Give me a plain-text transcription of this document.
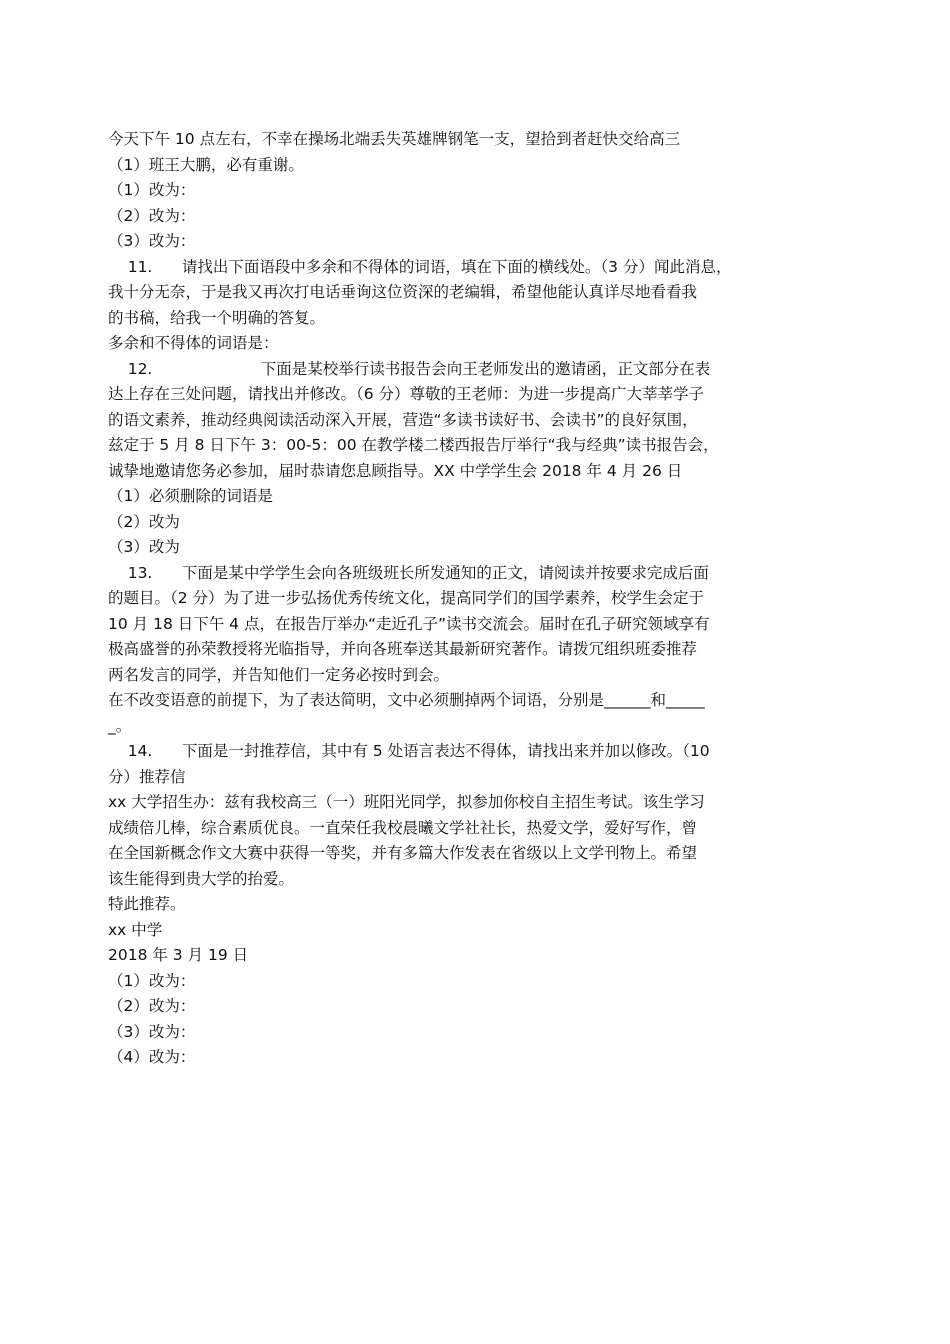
今天下午 10 点左右，不幸在操场北端丢失英雄牌钢笔一支，望拾到者赶快交给高三
（1）班王大鹏，必有重谢。
（1）改为：
（2）改为：
（3）改为：
11.      请找出下面语段中多余和不得体的词语，填在下面的横线处。（3 分）闻此消息，
我十分无奈，于是我又再次打电话垂询这位资深的老编辑，希望他能认真详尽地看看我
的书稿，给我一个明确的答复。
多余和不得体的词语是：
12.                      下面是某校举行读书报告会向王老师发出的邀请函，正文部分在表
达上存在三处问题，请找出并修改。（6 分）尊敬的王老师：为进一步提高广大莘莘学子
的语文素养，推动经典阅读活动深入开展，营造“多读书读好书、会读书”的良好氛围，
兹定于 5 月 8 日下午 3：00-5：00 在教学楼二楼西报告厅举行“我与经典”读书报告会，
诚挚地邀请您务必参加，届时恭请您息顾指导。XX 中学学生会 2018 年 4 月 26 日
（1）必须删除的词语是
（2）改为
（3）改为
13.      下面是某中学学生会向各班级班长所发通知的正文，请阅读并按要求完成后面
的题目。（2 分）为了进一步弘扬优秀传统文化，提高同学们的国学素养，校学生会定于
10 月 18 日下午 4 点，在报告厅举办“走近孔子”读书交流会。届时在孔子研究领域享有
极高盛誉的孙荣教授将光临指导，并向各班奉送其最新研究著作。请拨冗组织班委推荐
两名发言的同学，并告知他们一定务必按时到会。
在不改变语意的前提下，为了表达简明，文中必须删掉两个词语，分别是______和_____
_。
14.      下面是一封推荐信，其中有 5 处语言表达不得体，请找出来并加以修改。（10
分）推荐信
xx 大学招生办：兹有我校高三（一）班阳光同学，拟参加你校自主招生考试。该生学习
成绩倍儿棒，综合素质优良。一直荣任我校晨曦文学社社长，热爱文学，爱好写作，曾
在全国新概念作文大赛中获得一等奖，并有多篇大作发表在省级以上文学刊物上。希望
该生能得到贵大学的抬爱。
特此推荐。
xx 中学
2018 年 3 月 19 日
（1）改为：
（2）改为：
（3）改为：
（4）改为：
